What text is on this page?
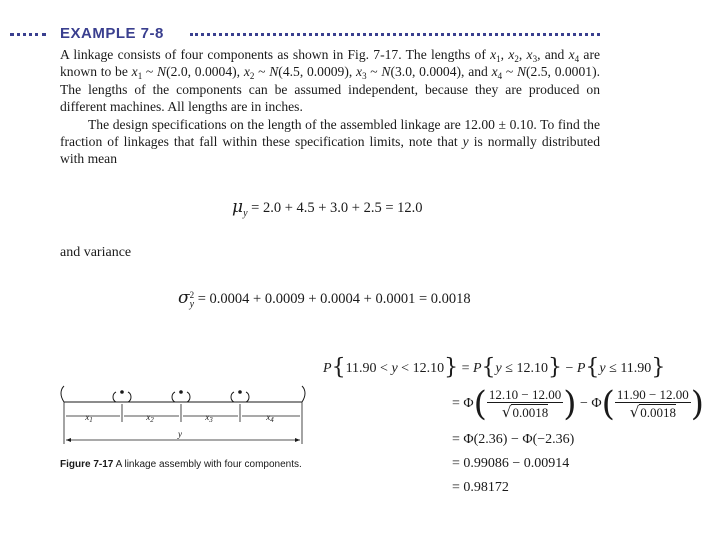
EXAMPLE 7-8

A linkage consists of four components as shown in Fig. 7-17. The lengths of $x_1$, $x_2$, $x_3$, and $x_4$ are known to be $x_1$ ~ N(2.0, 0.0004), $x_2$ ~ N(4.5, 0.0009), $x_3$ ~ N(3.0, 0.0004), and $x_4$ ~ N(2.5, 0.0001). The lengths of the components can be assumed independent, because they are produced on different machines. All lengths are in inches.

The design specifications on the length of the assembled linkage are 12.00 ± 0.10. To find the fraction of linkages that fall within these specification limits, note that y is normally distributed with mean

$\mu_y = 2.0 + 4.5 + 3.0 + 2.5 = 12.0$
and variance
σ 2
y = 0.0004 + 0.0009 + 0.0004 + 0.0001 = 0.0018
P{11.90 < y < 12.10} = P{y ≤ 12.10} − P{y ≤ 11.90}
= $\Phi( \frac{12.10 - 12.00}{√0.0018}$ ) − $\Phi( \frac{11.90 - 12.00}{√0.0018}$ )
= Φ(2.36) − Φ(−2.36)
= 0.99086 − 0.00914
= 0.98172
$x_1$	$x_2$	$x_3$	$x_4$
y
Figure 7-17 A linkage assembly with four components.
